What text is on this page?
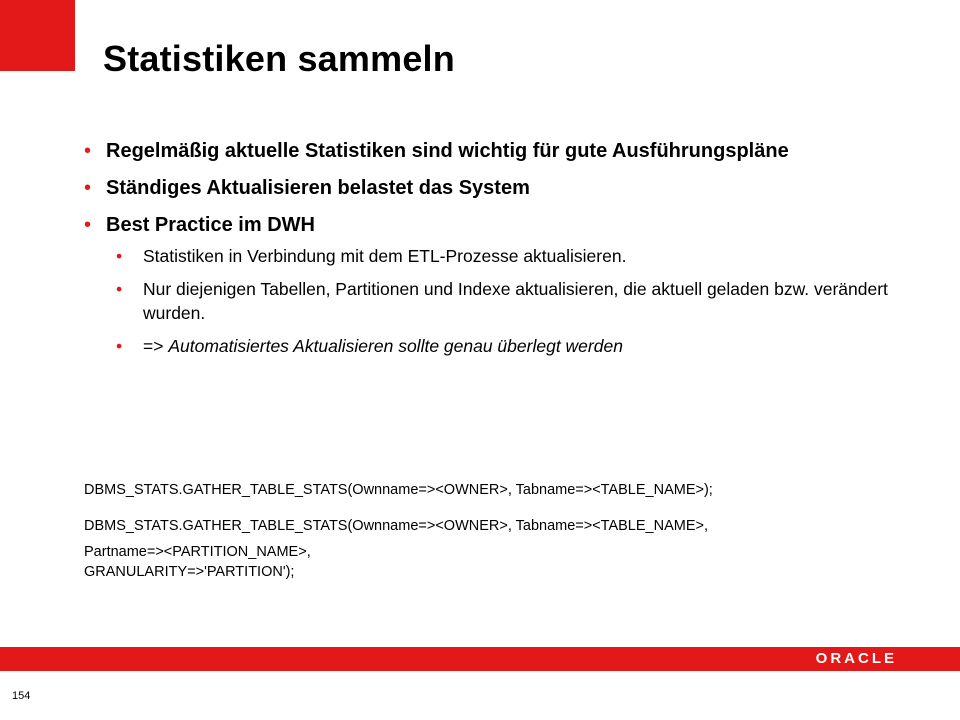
Statistiken sammeln
• Regelmäßig aktuelle Statistiken sind wichtig für gute Ausführungspläne
• Ständiges Aktualisieren belastet das System
• Best Practice im DWH
• Statistiken in Verbindung mit dem ETL-Prozesse aktualisieren.
• Nur diejenigen Tabellen, Partitionen und Indexe aktualisieren, die aktuell geladen bzw. verändert wurden.
• => Automatisiertes Aktualisieren sollte genau überlegt werden
DBMS_STATS.GATHER_TABLE_STATS(Ownname=><OWNER>, Tabname=><TABLE_NAME>);
DBMS_STATS.GATHER_TABLE_STATS(Ownname=><OWNER>, Tabname=><TABLE_NAME>,
Partname=><PARTITION_NAME>,
GRANULARITY=>'PARTITION');
ORACLE
154
